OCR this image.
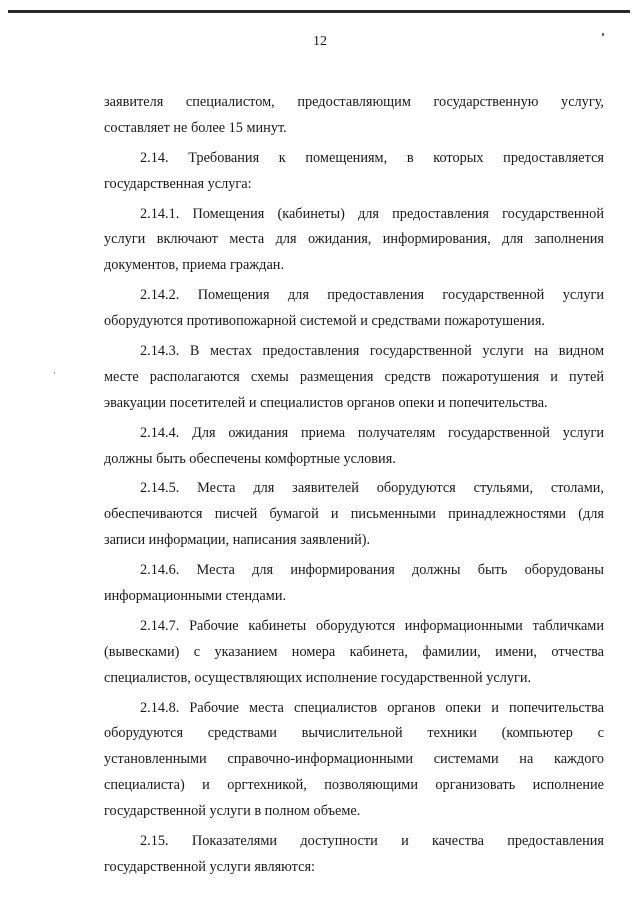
12
заявителя специалистом, предоставляющим государственную услугу,
составляет не более 15 минут.
2.14. Требования к помещениям, в которых предоставляется
государственная услуга:
2.14.1. Помещения (кабинеты) для предоставления государственной
услуги включают места для ожидания, информирования, для заполнения
документов, приема граждан.
2.14.2. Помещения для предоставления государственной услуги
оборудуются противопожарной системой и средствами пожаротушения.
2.14.3. В местах предоставления государственной услуги на видном
месте располагаются схемы размещения средств пожаротушения и путей
эвакуации посетителей и специалистов органов опеки и попечительства.
2.14.4. Для ожидания приема получателям государственной услуги
должны быть обеспечены комфортные условия.
2.14.5. Места для заявителей оборудуются стульями, столами,
обеспечиваются писчей бумагой и письменными принадлежностями (для
записи информации, написания заявлений).
2.14.6. Места для информирования должны быть оборудованы
информационными стендами.
2.14.7. Рабочие кабинеты оборудуются информационными табличками
(вывесками) с указанием номера кабинета, фамилии, имени, отчества
специалистов, осуществляющих исполнение государственной услуги.
2.14.8. Рабочие места специалистов органов опеки и попечительства
оборудуются средствами вычислительной техники (компьютер с
установленными справочно-информационными системами на каждого
специалиста) и оргтехникой, позволяющими организовать исполнение
государственной услуги в полном объеме.
2.15. Показателями доступности и качества предоставления
государственной услуги являются:
